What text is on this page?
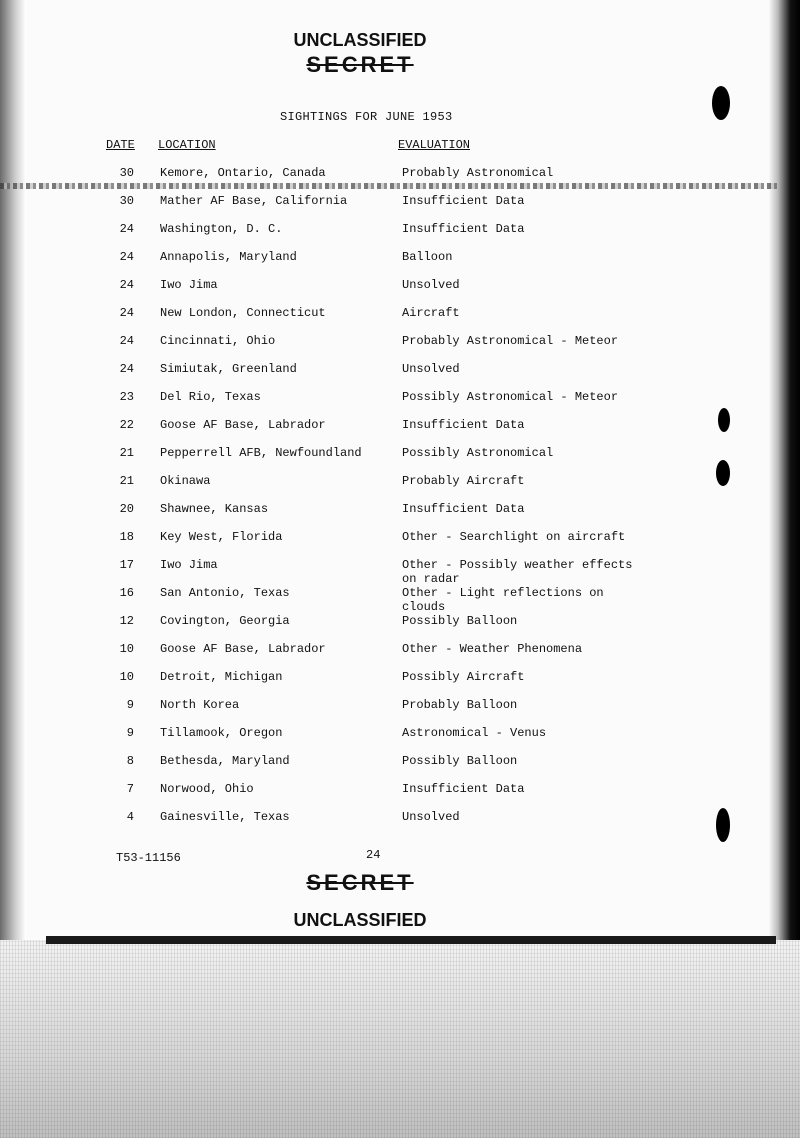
UNCLASSIFIED
SECRET
SIGHTINGS FOR JUNE 1953
DATE LOCATION	EVALUATION
30 Kemore, Ontario, Canada	Probably Astronomical
30 Mather AF Base, California	Insufficient Data
24 Washington, D. C.	Insufficient Data
24 Annapolis, Maryland	Balloon
24 Iwo Jima	Unsolved
24 New London, Connecticut	Aircraft
24 Cincinnati, Ohio	Probably Astronomical - Meteor
24 Simiutak, Greenland	Unsolved
23 Del Rio, Texas	Possibly Astronomical - Meteor
22 Goose AF Base, Labrador	Insufficient Data
21 Pepperrell AFB, Newfoundland	Possibly Astronomical
21 Okinawa	Probably Aircraft
20 Shawnee, Kansas	Insufficient Data
18 Key West, Florida	Other - Searchlight on aircraft
17 Iwo Jima	Other - Possibly weather effects
on radar
16 San Antonio, Texas	Other - Light reflections on
clouds
12 Covington, Georgia	Possibly Balloon
10 Goose AF Base, Labrador	Other - Weather Phenomena
10 Detroit, Michigan	Possibly Aircraft
9 North Korea	Probably Balloon
9 Tillamook, Oregon	Astronomical - Venus
8 Bethesda, Maryland	Possibly Balloon
7 Norwood, Ohio	Insufficient Data
4 Gainesville, Texas	Unsolved
T53-11156	24
SECRET
UNCLASSIFIED
